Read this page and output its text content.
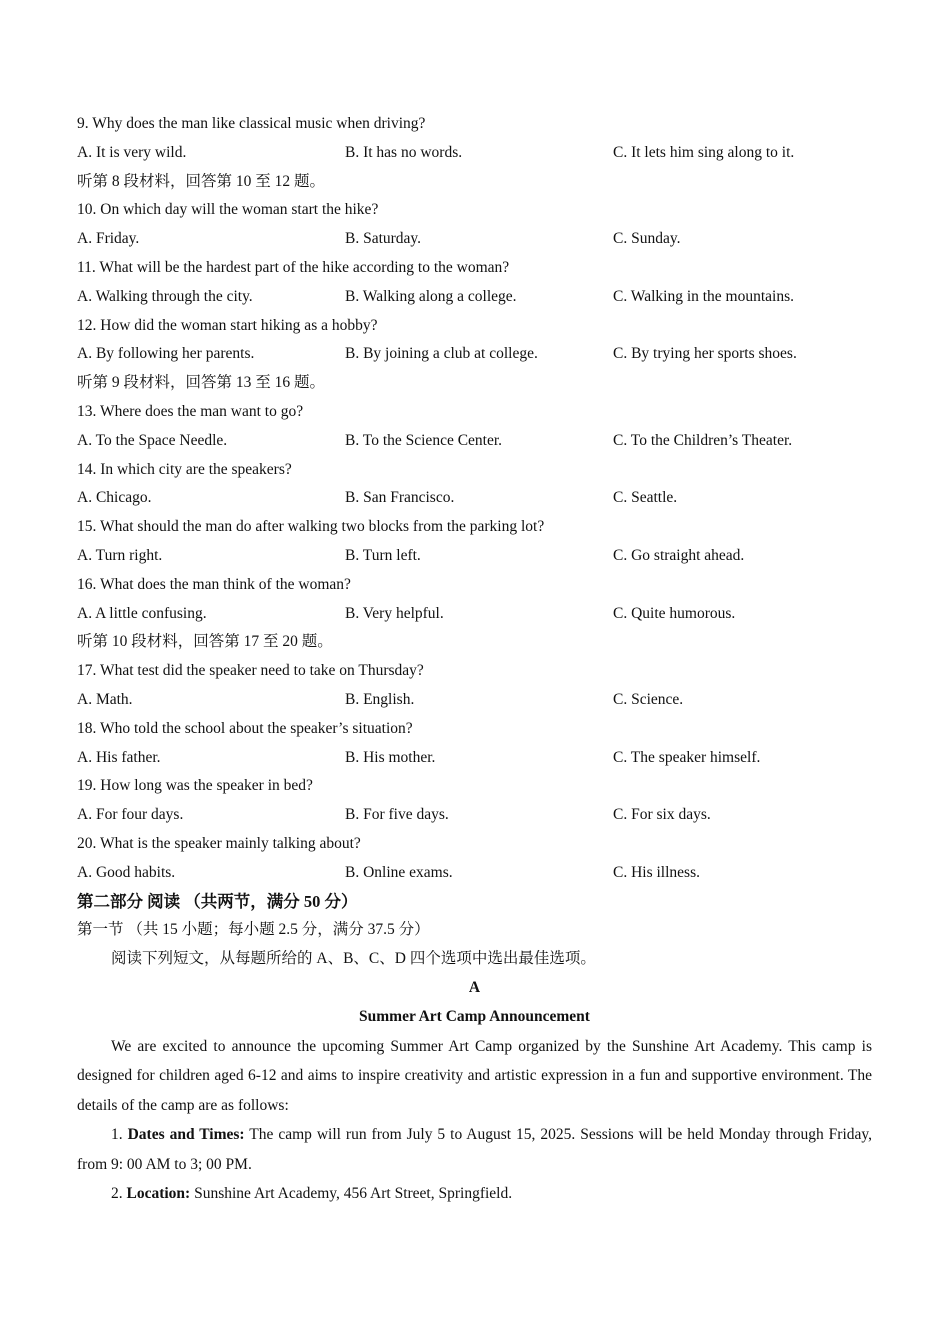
9. Why does the man like classical music when driving?
A. It is very wild.	B. It has no words.	C. It lets him sing along to it.
听第 8 段材料，回答第 10 至 12 题。
10. On which day will the woman start the hike?
A. Friday.	B. Saturday.	C. Sunday.
11. What will be the hardest part of the hike according to the woman?
A. Walking through the city.	B. Walking along a college.	C. Walking in the mountains.
12. How did the woman start hiking as a hobby?
A. By following her parents.	B. By joining a club at college.	C. By trying her sports shoes.
听第 9 段材料，回答第 13 至 16 题。
13. Where does the man want to go?
A. To the Space Needle.	B. To the Science Center.	C. To the Children’s Theater.
14. In which city are the speakers?
A. Chicago.	B. San Francisco.	C. Seattle.
15. What should the man do after walking two blocks from the parking lot?
A. Turn right.	B. Turn left.	C. Go straight ahead.
16. What does the man think of the woman?
A. A little confusing.	B. Very helpful.	C. Quite humorous.
听第 10 段材料，回答第 17 至 20 题。
17. What test did the speaker need to take on Thursday?
A. Math.	B. English.	C. Science.
18. Who told the school about the speaker’s situation?
A. His father.	B. His mother.	C. The speaker himself.
19. How long was the speaker in bed?
A. For four days.	B. For five days.	C. For six days.
20. What is the speaker mainly talking about?
A. Good habits.	B. Online exams.	C. His illness.
第二部分 阅读 （共两节，满分 50 分）
第一节 （共 15 小题；每小题 2.5 分，满分 37.5 分）
阅读下列短文，从每题所给的 A、B、C、D 四个选项中选出最佳选项。
A
Summer Art Camp Announcement
We are excited to announce the upcoming Summer Art Camp organized by the Sunshine Art Academy. This camp is designed for children aged 6-12 and aims to inspire creativity and artistic expression in a fun and supportive environment. The details of the camp are as follows:
1. Dates and Times: The camp will run from July 5 to August 15, 2025. Sessions will be held Monday through Friday, from 9: 00 AM to 3; 00 PM.
2. Location: Sunshine Art Academy, 456 Art Street, Springfield.
